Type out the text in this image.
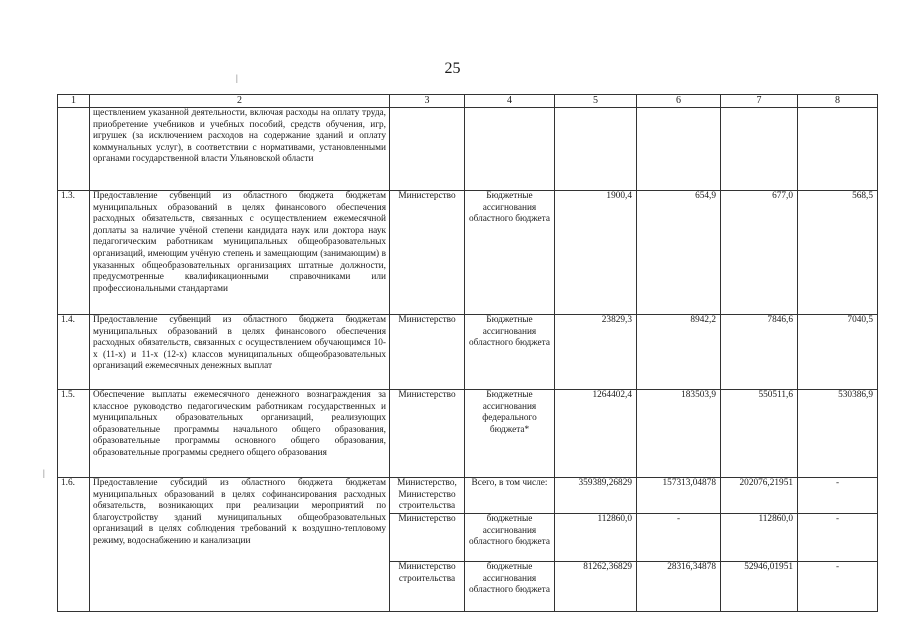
25
1	2	3	4	5	6	7	8
	ществлением указанной деятельности, включая расходы на оплату труда, приобретение учебников и учебных пособий, средств обучения, игр, игрушек (за исключением расходов на содержание зданий и оплату коммунальных услуг), в соответствии с нормативами, установленными органами государственной власти Ульяновской области						
1.3.	Предоставление субвенций из областного бюджета бюджетам муниципальных образований в целях финансового обеспечения расходных обязательств, связанных с осуществлением ежемесячной доплаты за наличие учёной степени кандидата наук или доктора наук педагогическим работникам муниципальных общеобразовательных организаций, имеющим учёную степень и замещающим (занимающим) в указанных общеобразовательных организациях штатные должности, предусмотренные квалификационными справочниками или профессиональными стандартами	Министерство	Бюджетные ассигнования областного бюджета	1900,4	654,9	677,0	568,5
1.4.	Предоставление субвенций из областного бюджета бюджетам муниципальных образований в целях финансового обеспечения расходных обязательств, связанных с осуществлением обучающимся 10-х (11-х) и 11-х (12-х) классов муниципальных общеобразовательных организаций ежемесячных денежных выплат	Министерство	Бюджетные ассигнования областного бюджета	23829,3	8942,2	7846,6	7040,5
1.5.	Обеспечение выплаты ежемесячного денежного вознаграждения за классное руководство педагогическим работникам государственных и муниципальных образовательных организаций, реализующих образовательные программы начального общего образования, образовательные программы основного общего образования, образовательные программы среднего общего образования	Министерство	Бюджетные ассигнования федерального бюджета*	1264402,4	183503,9	550511,6	530386,9
1.6.	Предоставление субсидий из областного бюджета бюджетам муниципальных образований в целях софинансирования расходных обязательств, возникающих при реализации мероприятий по благоустройству зданий муниципальных общеобразовательных организаций в целях соблюдения требований к воздушно-тепловому режиму, водоснабжению и канализации	Министерство, Министерство строительства	Всего, в том числе:	359389,26829	157313,04878	202076,21951	-
		Министерство	бюджетные ассигнования областного бюджета	112860,0	-	112860,0	-
		Министерство строительства	бюджетные ассигнования областного бюджета	81262,36829	28316,34878	52946,01951	-
|
|
